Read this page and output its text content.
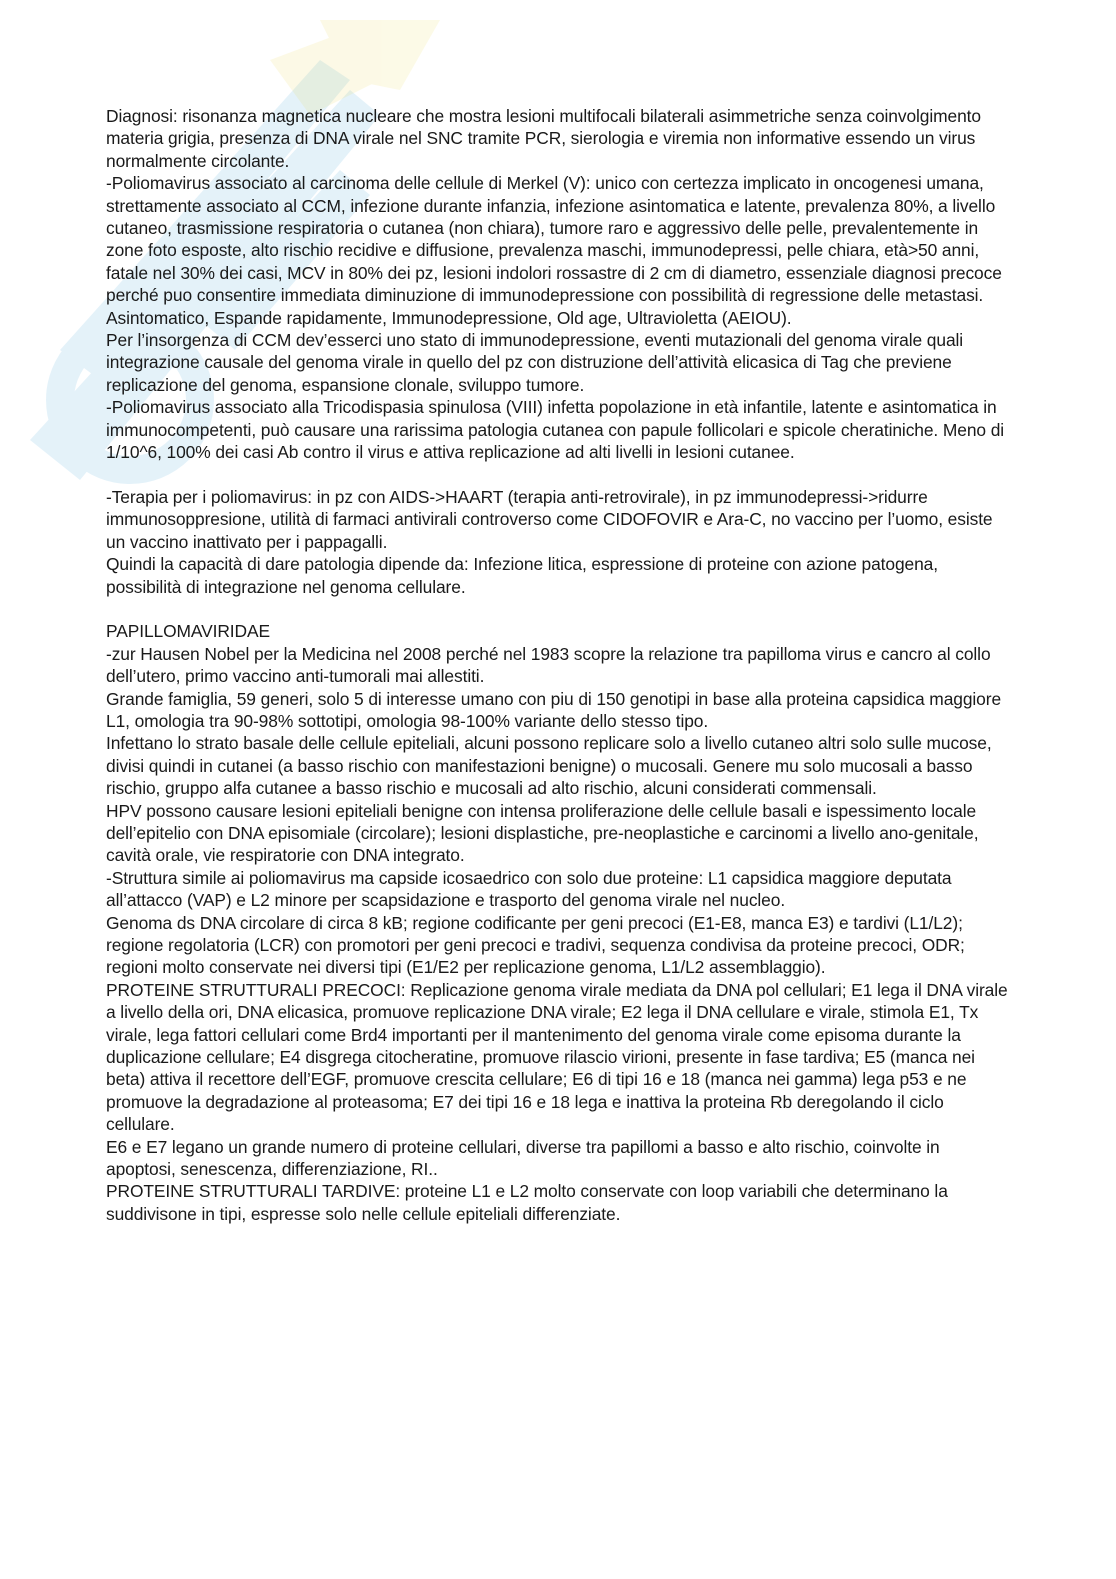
Diagnosi: risonanza magnetica nucleare che mostra lesioni multifocali bilaterali asimmetriche senza coinvolgimento materia grigia, presenza di DNA virale nel SNC tramite PCR, sierologia e viremia non informative essendo un virus normalmente circolante.

-Poliomavirus associato al carcinoma delle cellule di Merkel (V): unico con certezza implicato in oncogenesi umana, strettamente associato al CCM, infezione durante infanzia, infezione asintomatica e latente, prevalenza 80%, a livello cutaneo, trasmissione respiratoria o cutanea (non chiara), tumore raro e aggressivo delle pelle, prevalentemente in zone foto esposte, alto rischio recidive e diffusione, prevalenza maschi, immunodepressi, pelle chiara, età>50 anni, fatale nel 30% dei casi, MCV in 80% dei pz, lesioni indolori rossastre di 2 cm di diametro, essenziale diagnosi precoce perché puo consentire immediata diminuzione di immunodepressione con possibilità di regressione delle metastasi.

Asintomatico, Espande rapidamente, Immunodepressione, Old age, Ultravioletta (AEIOU).

Per l’insorgenza di CCM dev’esserci uno stato di immunodepressione, eventi mutazionali del genoma virale quali integrazione causale del genoma virale in quello del pz con distruzione dell’attività elicasica di Tag che previene replicazione del genoma, espansione clonale, sviluppo tumore.

-Poliomavirus associato alla Tricodispasia spinulosa (VIII) infetta popolazione in età infantile, latente e asintomatica in immunocompetenti, può causare una rarissima patologia cutanea con papule follicolari e spicole cheratiniche. Meno di 1/10^6, 100% dei casi Ab contro il virus e attiva replicazione ad alti livelli in lesioni cutanee.

-Terapia per i poliomavirus: in pz con AIDS->HAART (terapia anti-retrovirale), in pz immunodepressi->ridurre immunosoppresione, utilità di farmaci antivirali controverso come CIDOFOVIR e Ara-C, no vaccino per l’uomo, esiste un vaccino inattivato per i pappagalli.

Quindi la capacità di dare patologia dipende da: Infezione litica, espressione di proteine con azione patogena, possibilità di integrazione nel genoma cellulare.

PAPILLOMAVIRIDAE

-zur Hausen Nobel per la Medicina nel 2008 perché nel 1983 scopre la relazione tra papilloma virus e cancro al collo dell’utero, primo vaccino anti-tumorali mai allestiti.

Grande famiglia, 59 generi, solo 5 di interesse umano con piu di 150 genotipi in base alla proteina capsidica maggiore L1, omologia tra 90-98% sottotipi, omologia 98-100% variante dello stesso tipo.

Infettano lo strato basale delle cellule epiteliali, alcuni possono replicare solo a livello cutaneo altri solo sulle mucose, divisi quindi in cutanei (a basso rischio con manifestazioni benigne) o mucosali. Genere mu solo mucosali a basso rischio, gruppo alfa cutanee a basso rischio e mucosali ad alto rischio, alcuni considerati commensali.

HPV possono causare lesioni epiteliali benigne con intensa proliferazione delle cellule basali e ispessimento locale dell’epitelio con DNA episomiale (circolare); lesioni displastiche, pre-neoplastiche e carcinomi a livello ano-genitale, cavità orale, vie respiratorie con DNA integrato.

-Struttura simile ai poliomavirus ma capside icosaedrico con solo due proteine: L1 capsidica maggiore deputata all’attacco (VAP) e L2 minore per scapsidazione e trasporto del genoma virale nel nucleo.

Genoma ds DNA circolare di circa 8 kB; regione codificante per geni precoci (E1-E8, manca E3) e tardivi (L1/L2); regione regolatoria (LCR) con promotori per geni precoci e tradivi, sequenza condivisa da proteine precoci, ODR; regioni molto conservate nei diversi tipi (E1/E2 per replicazione genoma, L1/L2 assemblaggio).

PROTEINE STRUTTURALI PRECOCI: Replicazione genoma virale mediata da DNA pol cellulari; E1 lega il DNA virale a livello della ori, DNA elicasica, promuove replicazione DNA virale; E2 lega il DNA cellulare e virale, stimola E1, Tx virale, lega fattori cellulari come Brd4 importanti per il mantenimento del genoma virale come episoma durante la duplicazione cellulare; E4 disgrega citocheratine, promuove rilascio virioni, presente in fase tardiva; E5 (manca nei beta) attiva il recettore dell’EGF, promuove crescita cellulare; E6 di tipi 16 e 18 (manca nei gamma) lega p53 e ne promuove la degradazione al proteasoma; E7 dei tipi 16 e 18 lega e inattiva la proteina Rb deregolando il ciclo cellulare.

E6 e E7 legano un grande numero di proteine cellulari, diverse tra papillomi a basso e alto rischio, coinvolte in apoptosi, senescenza, differenziazione, RI..

PROTEINE STRUTTURALI TARDIVE: proteine L1 e L2 molto conservate con loop variabili che determinano la suddivisone in tipi, espresse solo nelle cellule epiteliali differenziate.
